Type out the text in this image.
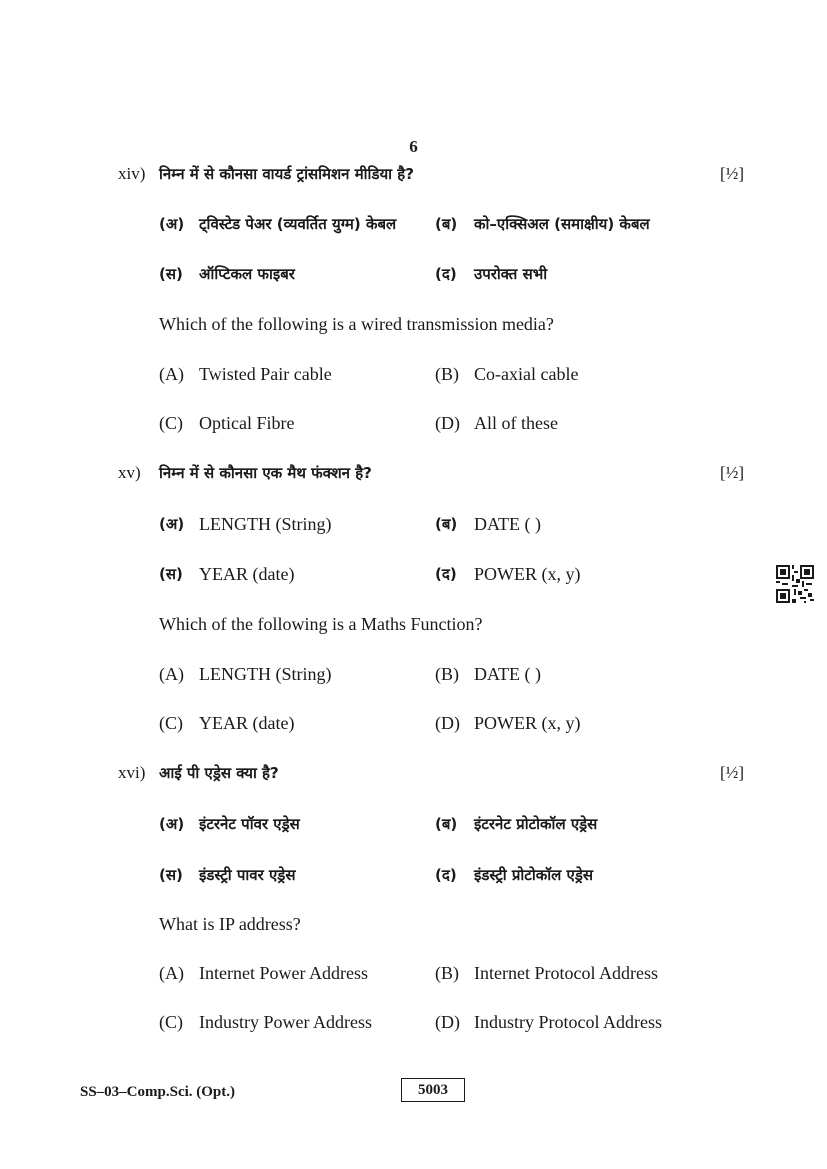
6
xiv) निम्न में से कौनसा वायर्ड ट्रांसमिशन मीडिया है?	[½]
(अ) ट्विस्टेड पेअर (व्यवर्तित युग्म) केबल	(ब) को–एक्सिअल (समाक्षीय) केबल
(स) ऑप्टिकल फाइबर	(द) उपरोक्त सभी
Which of the following is a wired transmission media?
(A) Twisted Pair cable	(B) Co-axial cable
(C) Optical Fibre	(D) All of these
xv) निम्न में से कौनसा एक मैथ फंक्शन है?	[½]
(अ) LENGTH (String)	(ब) DATE ( )
(स) YEAR (date)	(द) POWER (x, y)
Which of the following is a Maths Function?
(A) LENGTH (String)	(B) DATE ( )
(C) YEAR (date)	(D) POWER (x, y)
xvi) आई पी एड्रेस क्या है?	[½]
(अ) इंटरनेट पॉवर एड्रेस	(ब) इंटरनेट प्रोटोकॉल एड्रेस
(स) इंडस्ट्री पावर एड्रेस	(द) इंडस्ट्री प्रोटोकॉल एड्रेस
What is IP address?
(A) Internet Power Address	(B) Internet Protocol Address
(C) Industry Power Address	(D) Industry Protocol Address
SS–03–Comp.Sci. (Opt.)	5003
